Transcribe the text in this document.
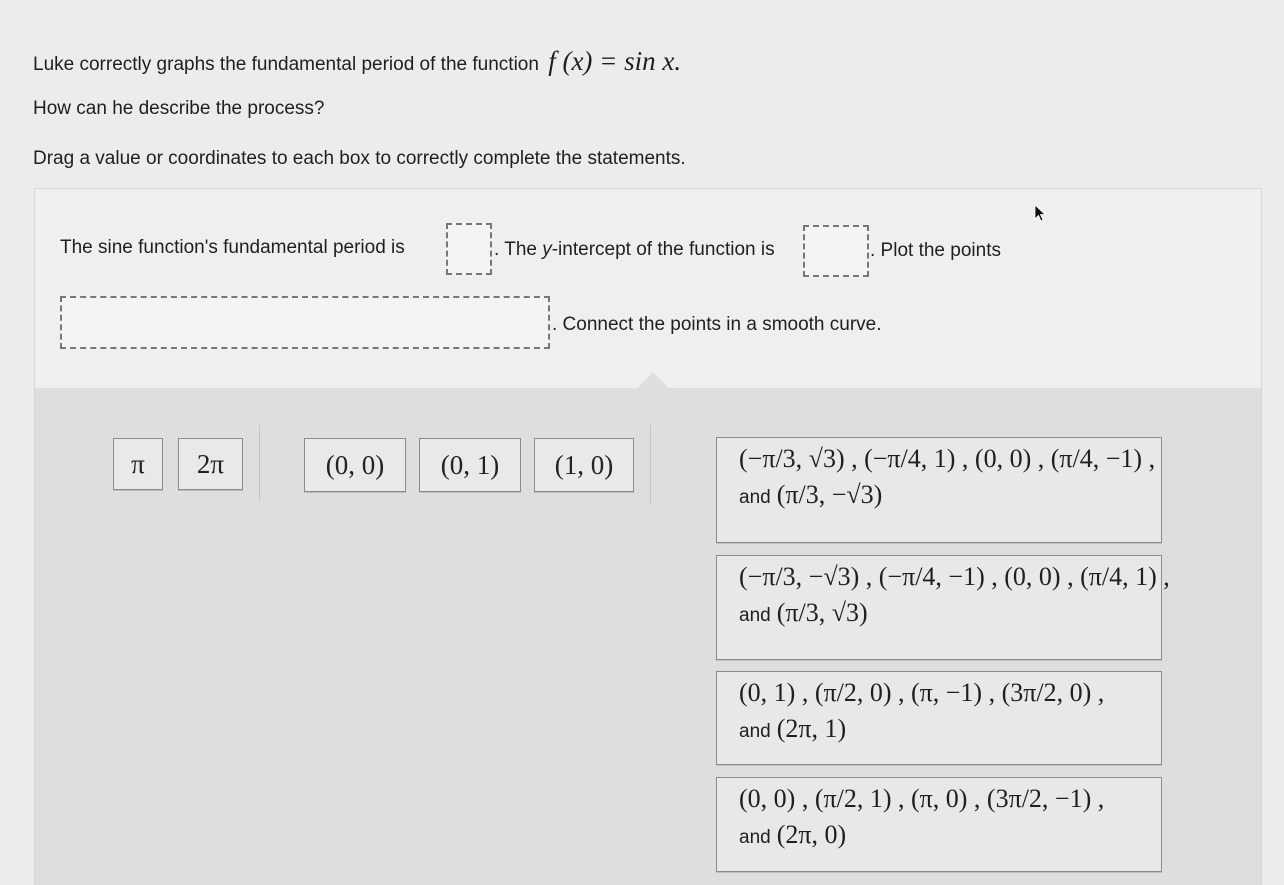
Luke correctly graphs the fundamental period of the function f (x) = sin x.
How can he describe the process?
Drag a value or coordinates to each box to correctly complete the statements.
The sine function's fundamental period is	. The y-intercept of the function is	. Plot the points
. Connect the points in a smooth curve.
π	2π	(0, 0)	(0, 1)	(1, 0)	(−π/3, √3) , (−π/4, 1) , (0, 0) , (π/4, −1) ,
and (π/3, −√3)
(−π/3, −√3) , (−π/4, −1) , (0, 0) , (π/4, 1) ,
and (π/3, √3)
(0, 1) , (π/2, 0) , (π, −1) , (3π/2, 0) ,
and (2π, 1)
(0, 0) , (π/2, 1) , (π, 0) , (3π/2, −1) ,
and (2π, 0)
